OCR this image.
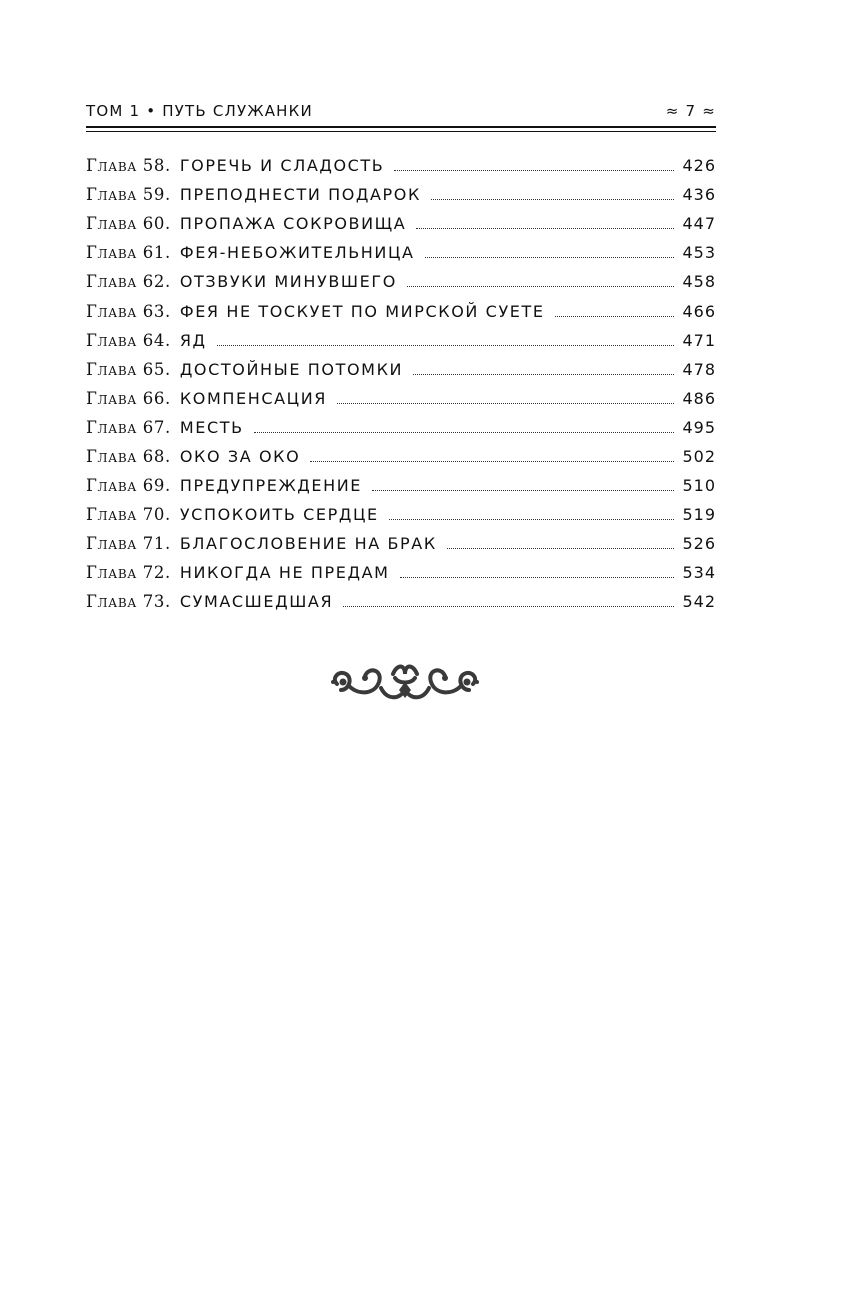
ТОМ 1 • ПУТЬ СЛУЖАНКИ	≈ 7 ≈
Глава 58. ГОРЕЧЬ И СЛАДОСТЬ	426
Глава 59. ПРЕПОДНЕСТИ ПОДАРОК	436
Глава 60. ПРОПАЖА СОКРОВИЩА	447
Глава 61. ФЕЯ-НЕБОЖИТЕЛЬНИЦА	453
Глава 62. ОТЗВУКИ МИНУВШЕГО	458
Глава 63. ФЕЯ НЕ ТОСКУЕТ ПО МИРСКОЙ СУЕТЕ	466
Глава 64. ЯД	471
Глава 65. ДОСТОЙНЫЕ ПОТОМКИ	478
Глава 66. КОМПЕНСАЦИЯ	486
Глава 67. МЕСТЬ	495
Глава 68. ОКО ЗА ОКО	502
Глава 69. ПРЕДУПРЕЖДЕНИЕ	510
Глава 70. УСПОКОИТЬ СЕРДЦЕ	519
Глава 71. БЛАГОСЛОВЕНИЕ НА БРАК	526
Глава 72. НИКОГДА НЕ ПРЕДАМ	534
Глава 73. СУМАСШЕДШАЯ	542
